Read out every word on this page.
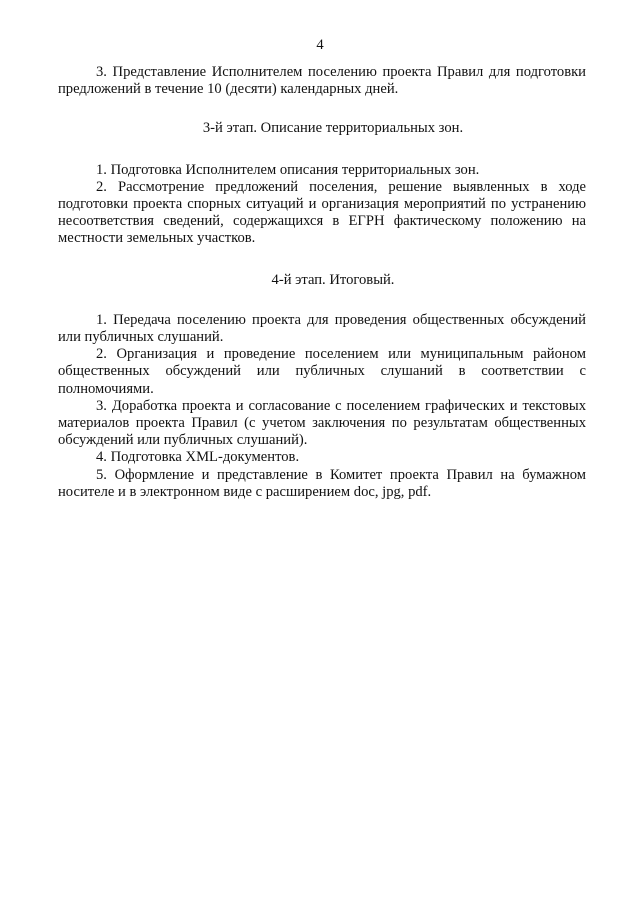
4

3. Представление Исполнителем поселению проекта Правил для подготовки предложений в течение 10 (десяти) календарных дней.

3-й этап. Описание территориальных зон.

1. Подготовка Исполнителем описания территориальных зон.

2. Рассмотрение предложений поселения, решение выявленных в ходе подготовки проекта спорных ситуаций и организация мероприятий по устранению несоответствия сведений, содержащихся в ЕГРН фактическому положению на местности земельных участков.

4-й этап. Итоговый.

1. Передача поселению проекта для проведения общественных обсуждений или публичных слушаний.

2. Организация и проведение поселением или муниципальным районом общественных обсуждений или публичных слушаний в соответствии с полномочиями.

3. Доработка проекта и согласование с поселением графических и текстовых материалов проекта Правил (с учетом заключения по результатам общественных обсуждений или публичных слушаний).

4. Подготовка XML-документов.

5. Оформление и представление в Комитет проекта Правил на бумажном носителе и в электронном виде с расширением doc, jpg, pdf.
